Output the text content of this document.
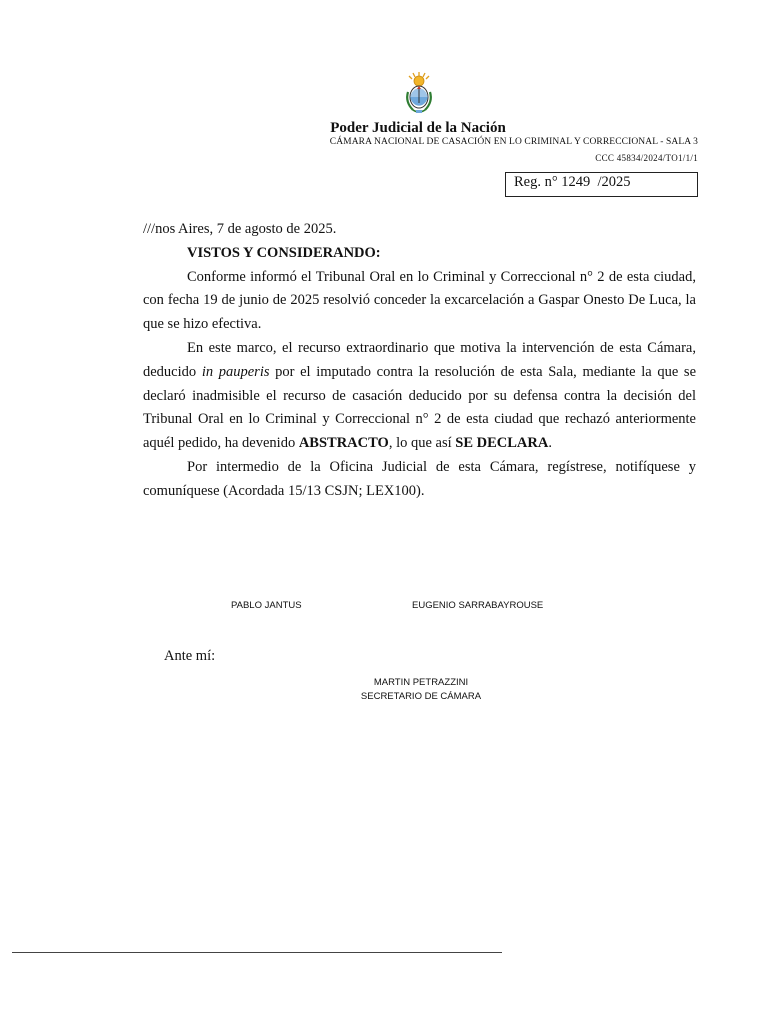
Poder Judicial de la Nación
CÁMARA NACIONAL DE CASACIÓN EN LO CRIMINAL Y CORRECCIONAL - SALA 3
CCC 45834/2024/TO1/1/1
Reg. n° 1249  /2025

///nos Aires, 7 de agosto de 2025.

VISTOS Y CONSIDERANDO:

Conforme informó el Tribunal Oral en lo Criminal y Correccional n° 2 de esta ciudad, con fecha 19 de junio de 2025 resolvió conceder la excarcelación a Gaspar Onesto De Luca, la que se hizo efectiva.

En este marco, el recurso extraordinario que motiva la intervención de esta Cámara, deducido in pauperis por el imputado contra la resolución de esta Sala, mediante la que se declaró inadmisible el recurso de casación deducido por su defensa contra la decisión del Tribunal Oral en lo Criminal y Correccional n° 2 de esta ciudad que rechazó anteriormente aquél pedido, ha devenido ABSTRACTO, lo que así SE DECLARA.

Por intermedio de la Oficina Judicial de esta Cámara, regístrese, notifíquese y comuníquese (Acordada 15/13 CSJN; LEX100).

PABLO JANTUS	EUGENIO SARRABAYROUSE
Ante mí:
MARTIN PETRAZZINI
SECRETARIO DE CÁMARA
